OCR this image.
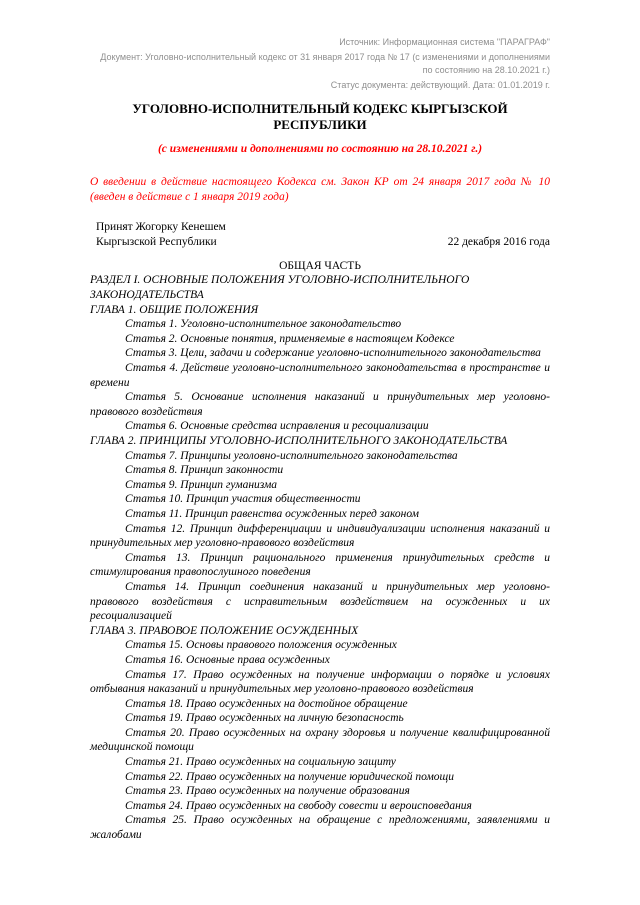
Источник: Информационная система "ПАРАГРАФ"

Документ: Уголовно-исполнительный кодекс от 31 января 2017 года № 17 (с изменениями и дополнениями по состоянию на 28.10.2021 г.)

Статус документа: действующий. Дата: 01.01.2019 г.

УГОЛОВНО-ИСПОЛНИТЕЛЬНЫЙ КОДЕКС КЫРГЫЗСКОЙ РЕСПУБЛИКИ
(с изменениями и дополнениями по состоянию на 28.10.2021 г.)

О введении в действие настоящего Кодекса см. Закон КР от 24 января 2017 года № 10 (введен в действие с 1 января 2019 года)

Принят Жогорку Кенешем

Кыргызской Республики	22 декабря 2016 года

ОБЩАЯ ЧАСТЬ

РАЗДЕЛ I. ОСНОВНЫЕ ПОЛОЖЕНИЯ УГОЛОВНО-ИСПОЛНИТЕЛЬНОГО ЗАКОНОДАТЕЛЬСТВА

ГЛАВА 1. ОБЩИЕ ПОЛОЖЕНИЯ

Статья 1. Уголовно-исполнительное законодательство

Статья 2. Основные понятия, применяемые в настоящем Кодексе

Статья 3. Цели, задачи и содержание уголовно-исполнительного законодательства

Статья 4. Действие уголовно-исполнительного законодательства в пространстве и времени

Статья 5. Основание исполнения наказаний и принудительных мер уголовно-правового воздействия

Статья 6. Основные средства исправления и ресоциализации

ГЛАВА 2. ПРИНЦИПЫ УГОЛОВНО-ИСПОЛНИТЕЛЬНОГО ЗАКОНОДАТЕЛЬСТВА

Статья 7. Принципы уголовно-исполнительного законодательства

Статья 8. Принцип законности

Статья 9. Принцип гуманизма

Статья 10. Принцип участия общественности

Статья 11. Принцип равенства осужденных перед законом

Статья 12. Принцип дифференциации и индивидуализации исполнения наказаний и принудительных мер уголовно-правового воздействия

Статья 13. Принцип рационального применения принудительных средств и стимулирования правопослушного поведения

Статья 14. Принцип соединения наказаний и принудительных мер уголовно-правового воздействия с исправительным воздействием на осужденных и их ресоциализацией

ГЛАВА 3. ПРАВОВОЕ ПОЛОЖЕНИЕ ОСУЖДЕННЫХ

Статья 15. Основы правового положения осужденных

Статья 16. Основные права осужденных

Статья 17. Право осужденных на получение информации о порядке и условиях отбывания наказаний и принудительных мер уголовно-правового воздействия

Статья 18. Право осужденных на достойное обращение

Статья 19. Право осужденных на личную безопасность

Статья 20. Право осужденных на охрану здоровья и получение квалифицированной медицинской помощи

Статья 21. Право осужденных на социальную защиту

Статья 22. Право осужденных на получение юридической помощи

Статья 23. Право осужденных на получение образования

Статья 24. Право осужденных на свободу совести и вероисповедания

Статья 25. Право осужденных на обращение с предложениями, заявлениями и жалобами
